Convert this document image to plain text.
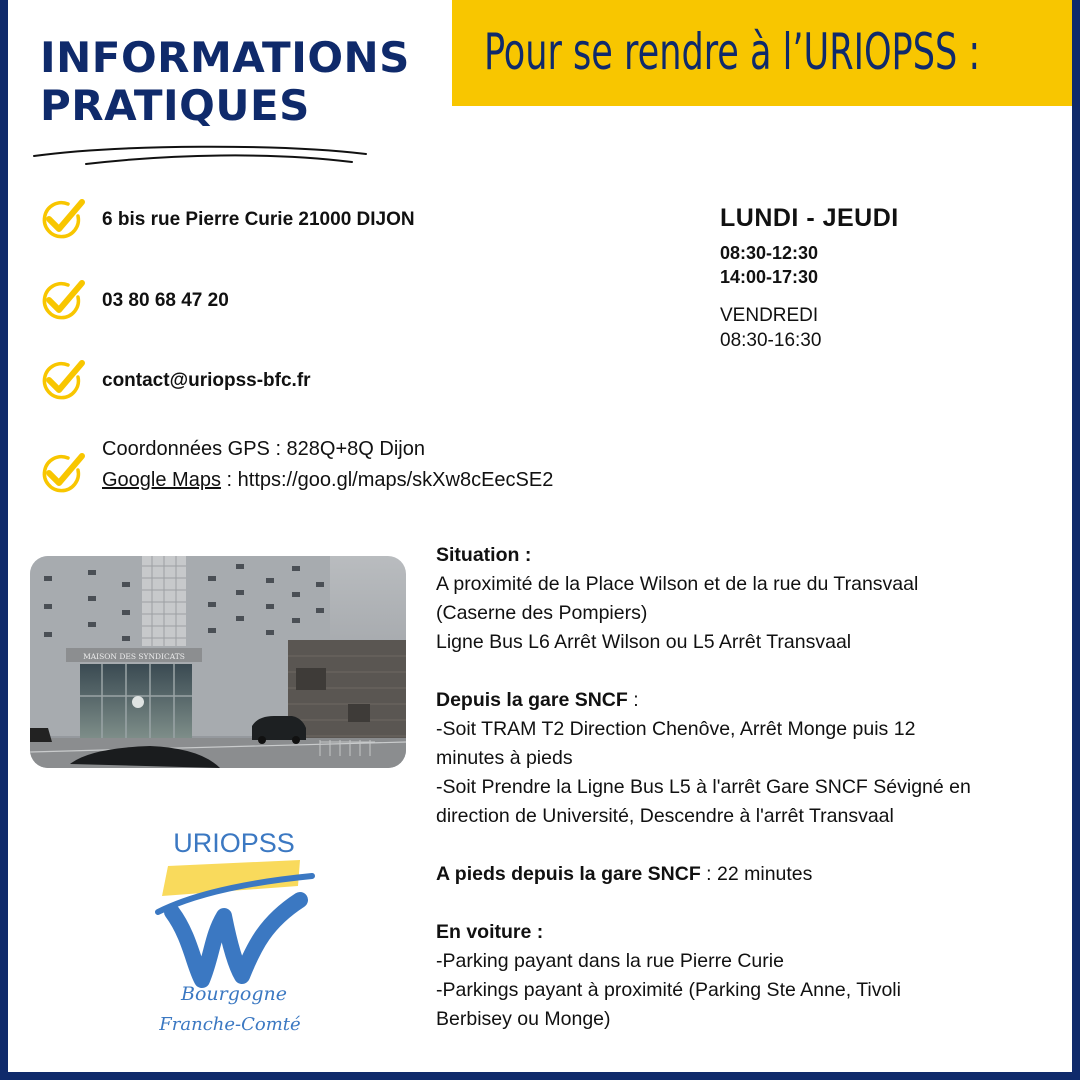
INFORMATIONS
PRATIQUES
Pour se rendre à l’URIOPSS :
6 bis rue Pierre Curie 21000 DIJON
03 80 68 47 20
contact@uriopss-bfc.fr
Coordonnées GPS : 828Q+8Q Dijon
Google Maps : https://goo.gl/maps/skXw8cEecSE2
LUNDI - JEUDI
08:30-12:30
14:00-17:30
VENDREDI
08:30-16:30
MAISON DES SYNDICATS
Situation :
A proximité de la Place Wilson et de la rue du Transvaal
(Caserne des Pompiers)
Ligne Bus L6 Arrêt Wilson ou L5 Arrêt Transvaal
Depuis la gare SNCF :
-Soit TRAM T2 Direction Chenôve, Arrêt Monge puis 12
minutes à pieds
-Soit Prendre la Ligne Bus L5 à l'arrêt Gare SNCF Sévigné en
direction de Université, Descendre à l'arrêt Transvaal
A pieds depuis la gare SNCF : 22 minutes
En voiture :
-Parking payant dans la rue Pierre Curie
-Parkings payant à proximité (Parking Ste Anne, Tivoli
Berbisey ou Monge)
URIOPSS
Bourgogne
Franche-Comté
